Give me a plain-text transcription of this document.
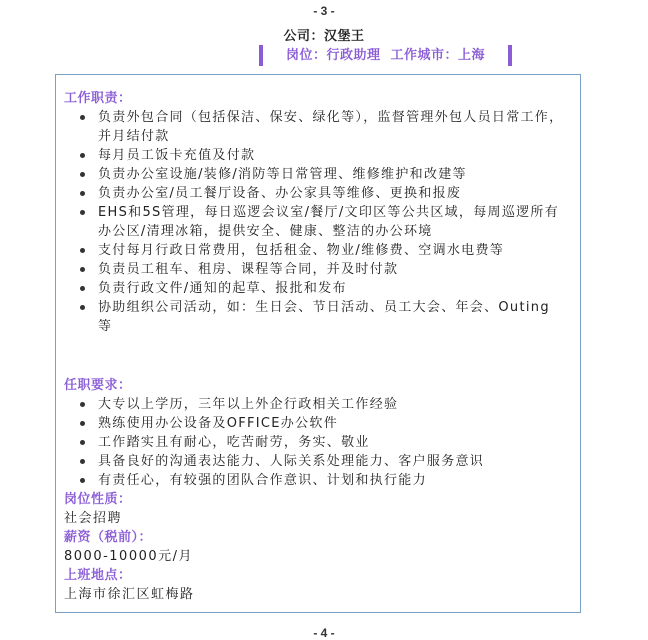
- 3 -
公司：汉堡王
岗位：行政助理 工作城市：上海
工作职责：
负责外包合同（包括保洁、保安、绿化等），监督管理外包人员日常工作，并月结付款
每月员工饭卡充值及付款
负责办公室设施/装修/消防等日常管理、维修维护和改建等
负责办公室/员工餐厅设备、办公家具等维修、更换和报废
EHS和5S管理，每日巡逻会议室/餐厅/文印区等公共区域，每周巡逻所有办公区/清理冰箱，提供安全、健康、整洁的办公环境
支付每月行政日常费用，包括租金、物业/维修费、空调水电费等
负责员工租车、租房、课程等合同，并及时付款
负责行政文件/通知的起草、报批和发布
协助组织公司活动，如：生日会、节日活动、员工大会、年会、Outing等
任职要求：
大专以上学历，三年以上外企行政相关工作经验
熟练使用办公设备及OFFICE办公软件
工作踏实且有耐心，吃苦耐劳，务实、敬业
具备良好的沟通表达能力、人际关系处理能力、客户服务意识
有责任心，有较强的团队合作意识、计划和执行能力
岗位性质：
社会招聘
薪资（税前）：
8000-10000元/月
上班地点：
上海市徐汇区虹梅路
- 4 -
